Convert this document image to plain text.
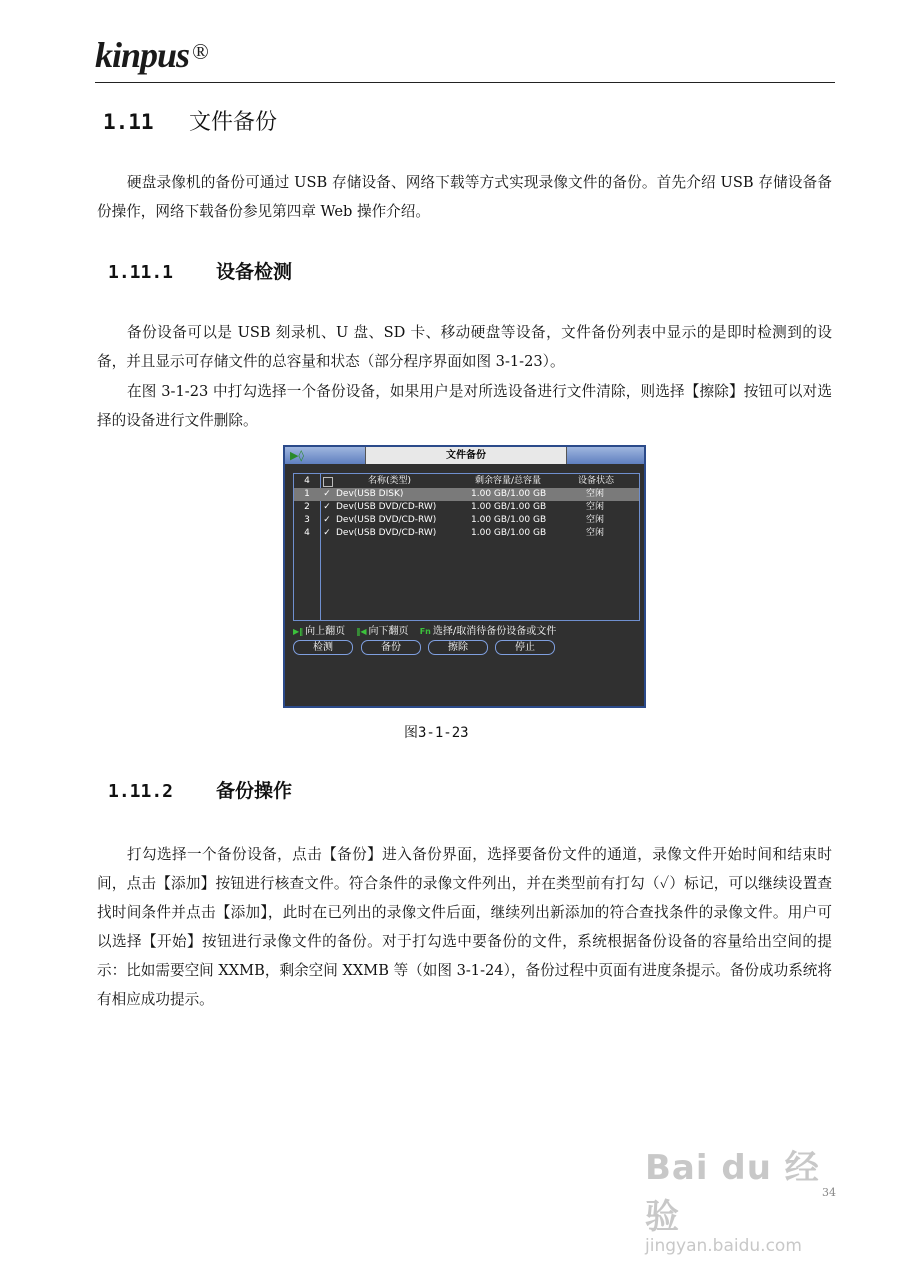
kinpus ®
1.11 文件备份

硬盘录像机的备份可通过 USB 存储设备、网络下载等方式实现录像文件的备份。首先介绍 USB 存储设备备份操作，网络下载备份参见第四章 Web 操作介绍。

1.11.1 设备检测

备份设备可以是 USB 刻录机、U 盘、SD 卡、移动硬盘等设备，文件备份列表中显示的是即时检测到的设备，并且显示可存储文件的总容量和状态（部分程序界面如图 3-1-23）。

在图 3-1-23 中打勾选择一个备份设备，如果用户是对所选设备进行文件清除，则选择【擦除】按钮可以对选择的设备进行文件删除。

▶◊	文件备份
4	名称(类型)	剩余容量/总容量	设备状态
1	✓ Dev(USB DISK)	1.00 GB/1.00 GB	空闲
2	✓ Dev(USB DVD/CD-RW)	1.00 GB/1.00 GB	空闲
3	✓ Dev(USB DVD/CD-RW)	1.00 GB/1.00 GB	空闲
4	✓ Dev(USB DVD/CD-RW)	1.00 GB/1.00 GB	空闲
▶‖ 向上翻页 ‖◀ 向下翻页 Fn 选择/取消待备份设备或文件
检测	备份	擦除	停止
图3-1-23
1.11.2 备份操作

打勾选择一个备份设备，点击【备份】进入备份界面，选择要备份文件的通道，录像文件开始时间和结束时间，点击【添加】按钮进行核查文件。符合条件的录像文件列出，并在类型前有打勾（✓）标记，可以继续设置查找时间条件并点击【添加】，此时在已列出的录像文件后面，继续列出新添加的符合查找条件的录像文件。用户可以选择【开始】按钮进行录像文件的备份。对于打勾选中要备份的文件，系统根据备份设备的容量给出空间的提示：比如需要空间 XXMB，剩余空间 XXMB 等（如图 3-1-24），备份过程中页面有进度条提示。备份成功系统将有相应成功提示。

Bai du 经验
jingyan.baidu.com
34
